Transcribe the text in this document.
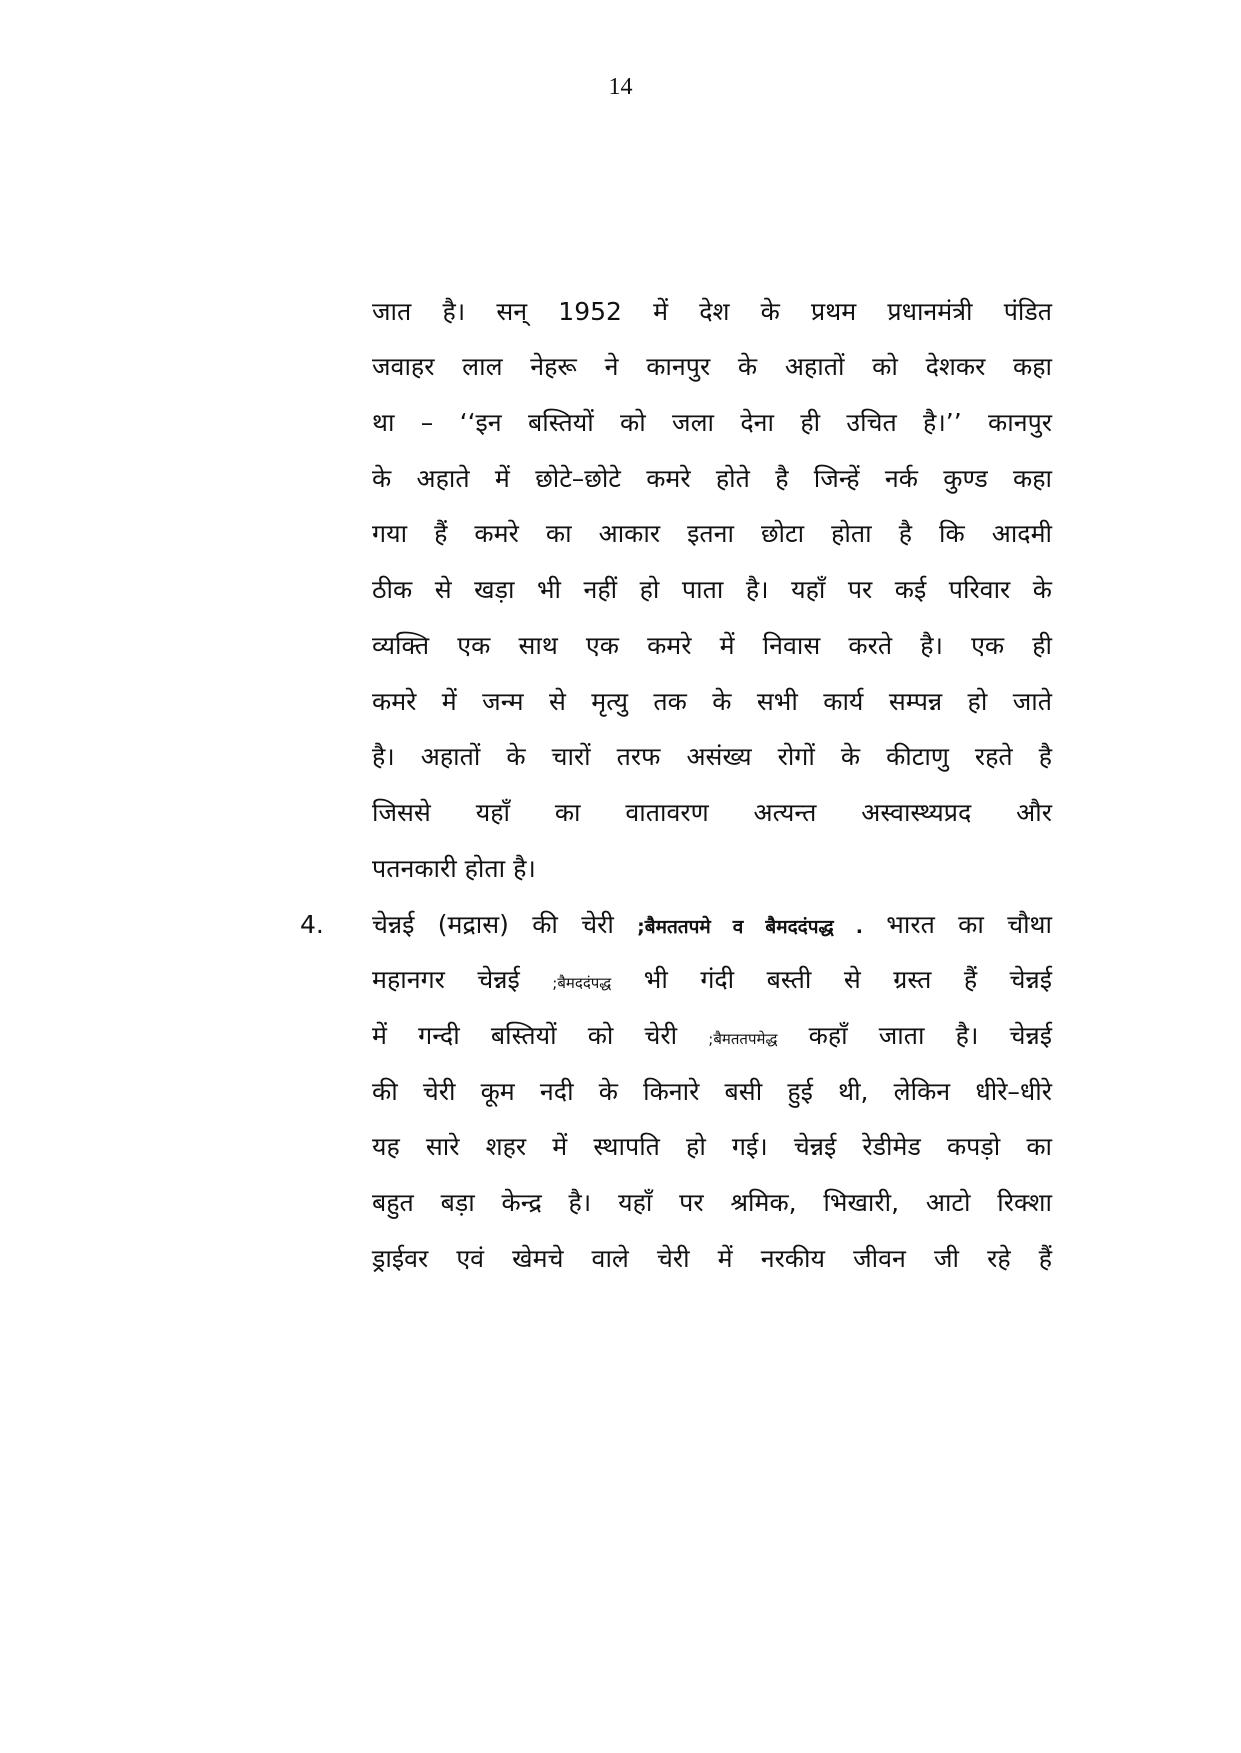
14
जात है। सन् 1952 में देश के प्रथम प्रधानमंत्री पंडित
जवाहर लाल नेहरू ने कानपुर के अहातों को देशकर कहा
था – ‘‘इन बस्तियों को जला देना ही उचित है।’’ कानपुर
के अहाते में छोटे–छोटे कमरे होते है जिन्हें नर्क कुण्ड कहा
गया हैं कमरे का आकार इतना छोटा होता है कि आदमी
ठीक से खड़ा भी नहीं हो पाता है। यहाँ पर कई परिवार के
व्यक्ति एक साथ एक कमरे में निवास करते है। एक ही
कमरे में जन्म से मृत्यु तक के सभी कार्य सम्पन्न हो जाते
है। अहातों के चारों तरफ असंख्य रोगों के कीटाणु रहते है
जिससे यहाँ का वातावरण अत्यन्त अस्वास्थ्यप्रद और
पतनकारी होता है।
4. चेन्नई (मद्रास) की चेरी ;बैमततपमे व बैमददंपद्ध . भारत का चौथा
महानगर चेन्नई ;बैमददंपद्ध भी गंदी बस्ती से ग्रस्त हैं चेन्नई
में गन्दी बस्तियों को चेरी ;बैमततपमेद्ध कहाँ जाता है। चेन्नई
की चेरी कूम नदी के किनारे बसी हुई थी, लेकिन धीरे–धीरे
यह सारे शहर में स्थापति हो गई। चेन्नई रेडीमेड कपड़ो का
बहुत बड़ा केन्द्र है। यहाँ पर श्रमिक, भिखारी, आटो रिक्शा
ड्राईवर एवं खेमचे वाले चेरी में नरकीय जीवन जी रहे हैं
